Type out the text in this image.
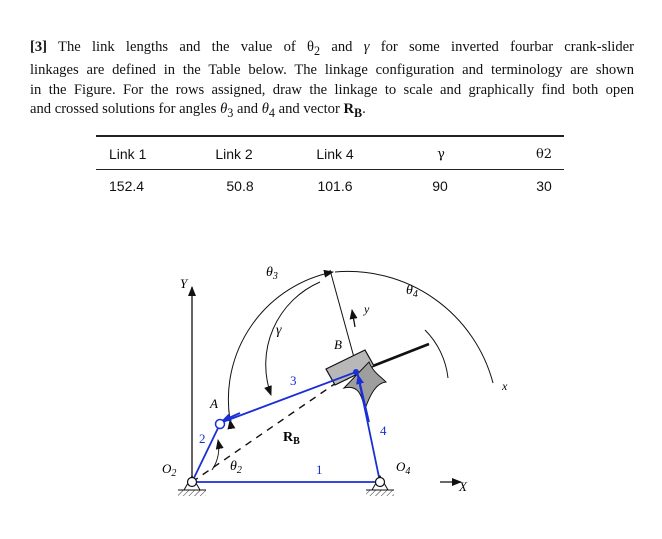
[3] The link lengths and the value of $\theta_2$ and γ for some inverted fourbar crank-slider
linkages are defined in the Table below. The linkage configuration and terminology are shown
in the Figure. For the rows assigned, draw the linkage to scale and graphically find both open
and crossed solutions for angles $\theta_3$ and $\theta_4$ and vector $R_B$.

Link 1	Link 2	Link 4	γ	θ2
152.4	50.8	101.6	90	30
Y
X
x
y
$\theta_3$
$\theta_4$
γ
$\theta_2$
$R_B$
B
1
2
3
4
A
$O_2$	$O_4$
